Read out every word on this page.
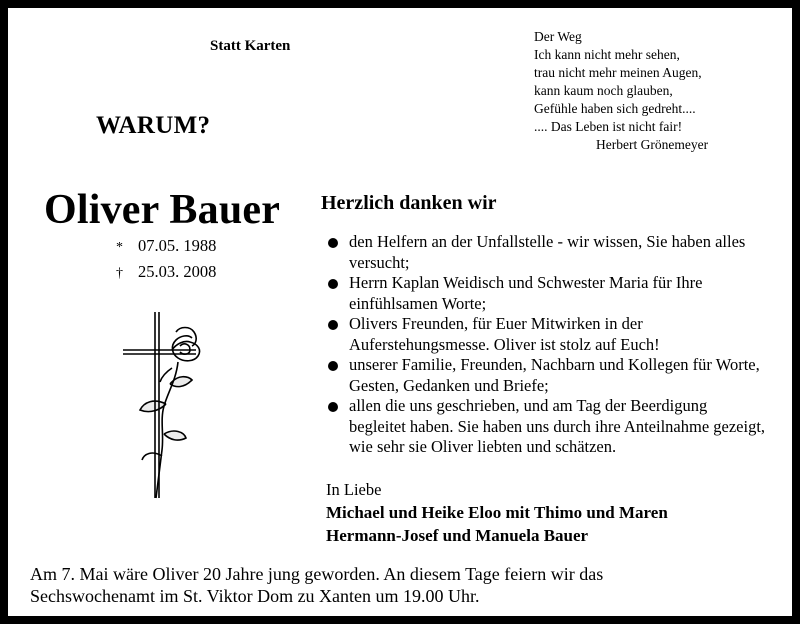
Statt Karten
WARUM?
Der Weg
Ich kann nicht mehr sehen,
trau nicht mehr meinen Augen,
kann kaum noch glauben,
Gefühle haben sich gedreht....
.... Das Leben ist nicht fair!
Herbert Grönemeyer
Oliver Bauer
* 07.05. 1988
† 25.03. 2008
Herzlich danken wir
den Helfern an der Unfallstelle - wir wissen, Sie haben alles versucht;
Herrn Kaplan Weidisch und Schwester Maria für Ihre einfühlsamen Worte;
Olivers Freunden, für Euer Mitwirken in der Auferstehungsmesse. Oliver ist stolz auf Euch!
unserer Familie, Freunden, Nachbarn und Kollegen für Worte, Gesten, Gedanken und Briefe;
allen die uns geschrieben, und am Tag der Beerdigung begleitet haben. Sie haben uns durch ihre Anteilnahme gezeigt, wie sehr sie Oliver liebten und schätzen.
In Liebe
Michael und Heike Eloo mit Thimo und Maren
Hermann-Josef und Manuela Bauer
Am 7. Mai wäre Oliver 20 Jahre jung geworden. An diesem Tage feiern wir das
Sechswochenamt im St. Viktor Dom zu Xanten um 19.00 Uhr.
